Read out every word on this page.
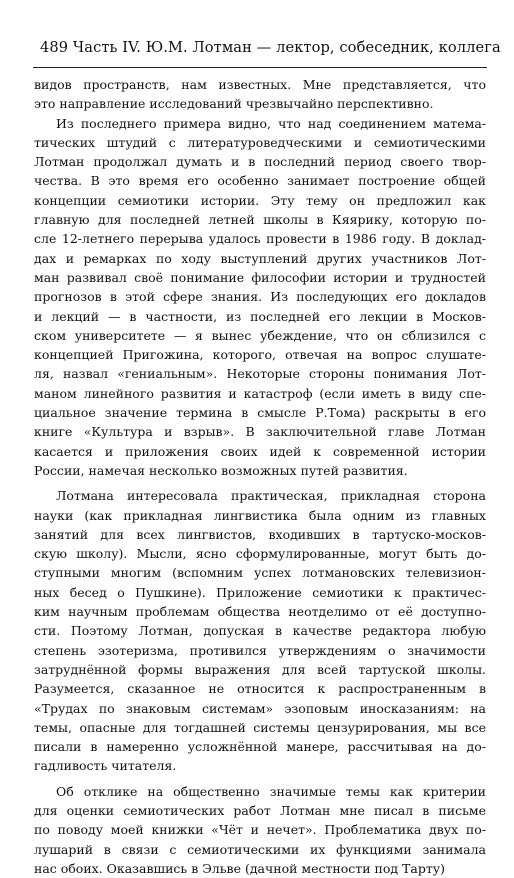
489 Часть IV. Ю.М. Лотман — лектор, собеседник, коллега
видов пространств, нам известных. Мне представляется, что
это направление исследований чрезвычайно перспективно.
Из последнего примера видно, что над соединением матема-
тических штудий с литературоведческими и семиотическими
Лотман продолжал думать и в последний период своего твор-
чества. В это время его особенно занимает построение общей
концепции семиотики истории. Эту тему он предложил как
главную для последней летней школы в Кяярику, которую по-
сле 12-летнего перерыва удалось провести в 1986 году. В доклад-
дах и ремарках по ходу выступлений других участников Лот-
ман развивал своё понимание философии истории и трудностей
прогнозов в этой сфере знания. Из последующих его докладов
и лекций — в частности, из последней его лекции в Москов-
ском университете — я вынес убеждение, что он сблизился с
концепцией Пригожина, которого, отвечая на вопрос слушате-
ля, назвал «гениальным». Некоторые стороны понимания Лот-
маном линейного развития и катастроф (если иметь в виду спе-
циальное значение термина в смысле Р.Тома) раскрыты в его
книге «Культура и взрыв». В заключительной главе Лотман
касается и приложения своих идей к современной истории
России, намечая несколько возможных путей развития.
Лотмана интересовала практическая, прикладная сторона
науки (как прикладная лингвистика была одним из главных
занятий для всех лингвистов, входивших в тартуско-москов-
скую школу). Мысли, ясно сформулированные, могут быть до-
ступными многим (вспомним успех лотмановских телевизион-
ных бесед о Пушкине). Приложение семиотики к практичес-
ким научным проблемам общества неотделимо от её доступно-
сти. Поэтому Лотман, допуская в качестве редактора любую
степень эзотеризма, противился утверждениям о значимости
затруднённой формы выражения для всей тартуской школы.
Разумеется, сказанное не относится к распространенным в
«Трудах по знаковым системам» эзоповым иносказаниям: на
темы, опасные для тогдашней системы цензурирования, мы все
писали в намеренно усложнённой манере, рассчитывая на до-
гадливость читателя.
Об отклике на общественно значимые темы как критерии
для оценки семиотических работ Лотман мне писал в письме
по поводу моей книжки «Чёт и нечет». Проблематика двух по-
лушарий в связи с семиотическими их функциями занимала
нас обоих. Оказавшись в Эльве (дачной местности под Тарту)
